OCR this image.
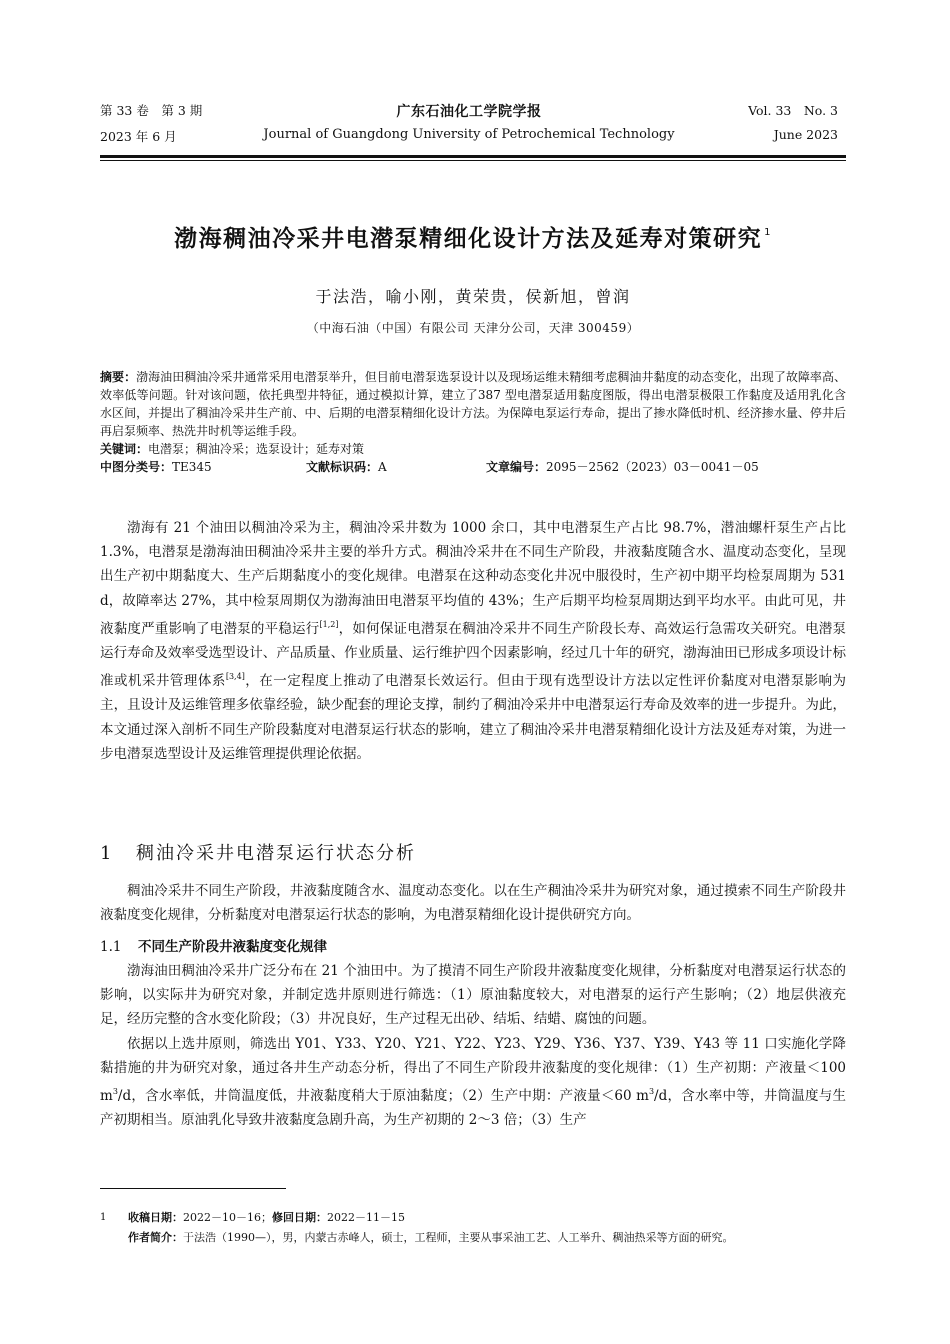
第 33 卷　第 3 期	广东石油化工学院学报	Vol. 33　No. 3
2023 年 6 月	Journal of Guangdong University of Petrochemical Technology	June 2023
渤海稠油冷采井电潜泵精细化设计方法及延寿对策研究 $^1$
于法浩，喻小刚，黄荣贵，侯新旭，曾润
（中海石油（中国）有限公司 天津分公司，天津 300459）
摘要：渤海油田稠油冷采井通常采用电潜泵举升，但目前电潜泵选泵设计以及现场运维未精细考虑稠油井黏度的动态变化，出现了故障率高、效率低等问题。针对该问题，依托典型井特征，通过模拟计算，建立了387 型电潜泵适用黏度图版，得出电潜泵极限工作黏度及适用乳化含水区间，并提出了稠油冷采井生产前、中、后期的电潜泵精细化设计方法。为保障电泵运行寿命，提出了掺水降低时机、经济掺水量、停井后再启泵频率、热洗井时机等运维手段。
关键词：电潜泵；稠油冷采；选泵设计；延寿对策
中图分类号：TE345	文献标识码：A	文章编号：2095－2562（2023）03－0041－05

渤海有 21 个油田以稠油冷采为主，稠油冷采井数为 1000 余口，其中电潜泵生产占比 98.7%，潜油螺杆泵生产占比 1.3%，电潜泵是渤海油田稠油冷采井主要的举升方式。稠油冷采井在不同生产阶段，井液黏度随含水、温度动态变化，呈现出生产初中期黏度大、生产后期黏度小的变化规律。电潜泵在这种动态变化井况中服役时，生产初中期平均检泵周期为 531 d，故障率达 27%，其中检泵周期仅为渤海油田电潜泵平均值的 43%；生产后期平均检泵周期达到平均水平。由此可见，井液黏度严重影响了电潜泵的平稳运行[1,2]，如何保证电潜泵在稠油冷采井不同生产阶段长寿、高效运行急需攻关研究。电潜泵运行寿命及效率受选型设计、产品质量、作业质量、运行维护四个因素影响，经过几十年的研究，渤海油田已形成多项设计标准或机采井管理体系[3,4]，在一定程度上推动了电潜泵长效运行。但由于现有选型设计方法以定性评价黏度对电潜泵影响为主，且设计及运维管理多依靠经验，缺少配套的理论支撑，制约了稠油冷采井中电潜泵运行寿命及效率的进一步提升。为此，本文通过深入剖析不同生产阶段黏度对电潜泵运行状态的影响，建立了稠油冷采井电潜泵精细化设计方法及延寿对策，为进一步电潜泵选型设计及运维管理提供理论依据。

1 稠油冷采井电潜泵运行状态分析

稠油冷采井不同生产阶段，井液黏度随含水、温度动态变化。以在生产稠油冷采井为研究对象，通过摸索不同生产阶段井液黏度变化规律，分析黏度对电潜泵运行状态的影响，为电潜泵精细化设计提供研究方向。

1.1 不同生产阶段井液黏度变化规律

渤海油田稠油冷采井广泛分布在 21 个油田中。为了摸清不同生产阶段井液黏度变化规律，分析黏度对电潜泵运行状态的影响，以实际井为研究对象，并制定选井原则进行筛选：（1）原油黏度较大，对电潜泵的运行产生影响；（2）地层供液充足，经历完整的含水变化阶段；（3）井况良好，生产过程无出砂、结垢、结蜡、腐蚀的问题。

依据以上选井原则，筛选出 Y01、Y33、Y20、Y21、Y22、Y23、Y29、Y36、Y37、Y39、Y43 等 11 口实施化学降黏措施的井为研究对象，通过各井生产动态分析，得出了不同生产阶段井液黏度的变化规律：（1）生产初期：产液量＜100 $m^3/d$，含水率低，井筒温度低，井液黏度稍大于原油黏度；（2）生产中期：产液量＜60 $m^3/d$，含水率中等，井筒温度与生产初期相当。原油乳化导致井液黏度急剧升高，为生产初期的 2～3 倍；（3）生产

1 收稿日期：2022－10－16；修回日期：2022－11－15
作者简介：于法浩（1990—），男，内蒙古赤峰人，硕士，工程师，主要从事采油工艺、人工举升、稠油热采等方面的研究。
